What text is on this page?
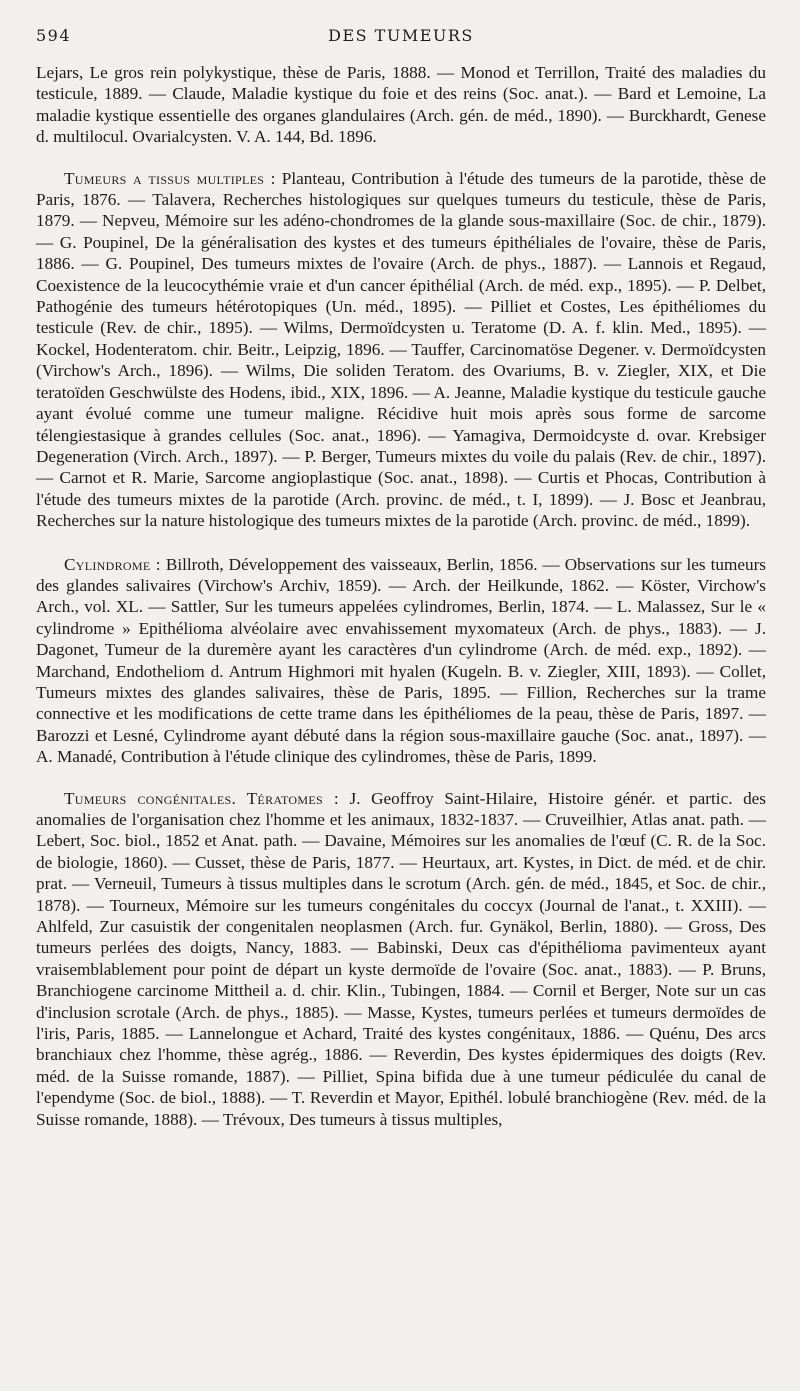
594	DES TUMEURS

Lejars, Le gros rein polykystique, thèse de Paris, 1888. — Monod et Terrillon, Traité des maladies du testicule, 1889. — Claude, Maladie kystique du foie et des reins (Soc. anat.). — Bard et Lemoine, La maladie kystique essentielle des organes glandulaires (Arch. gén. de méd., 1890). — Burckhardt, Genese d. multilocul. Ovarialcysten. V. A. 144, Bd. 1896.

Tumeurs a tissus multiples : Planteau, Contribution à l'étude des tumeurs de la parotide, thèse de Paris, 1876. — Talavera, Recherches histologiques sur quelques tumeurs du testicule, thèse de Paris, 1879. — Nepveu, Mémoire sur les adéno-chondromes de la glande sous-maxillaire (Soc. de chir., 1879). — G. Poupinel, De la généralisation des kystes et des tumeurs épithéliales de l'ovaire, thèse de Paris, 1886. — G. Poupinel, Des tumeurs mixtes de l'ovaire (Arch. de phys., 1887). — Lannois et Regaud, Coexistence de la leucocythémie vraie et d'un cancer épithélial (Arch. de méd. exp., 1895). — P. Delbet, Pathogénie des tumeurs hétérotopiques (Un. méd., 1895). — Pilliet et Costes, Les épithéliomes du testicule (Rev. de chir., 1895). — Wilms, Dermoïdcysten u. Teratome (D. A. f. klin. Med., 1895). — Kockel, Hodenteratom. chir. Beitr., Leipzig, 1896. — Tauffer, Carcinomatöse Degener. v. Dermoïdcysten (Virchow's Arch., 1896). — Wilms, Die soliden Teratom. des Ovariums, B. v. Ziegler, XIX, et Die teratoïden Geschwülste des Hodens, ibid., XIX, 1896. — A. Jeanne, Maladie kystique du testicule gauche ayant évolué comme une tumeur maligne. Récidive huit mois après sous forme de sarcome télengiestasique à grandes cellules (Soc. anat., 1896). — Yamagiva, Dermoidcyste d. ovar. Krebsiger Degeneration (Virch. Arch., 1897). — P. Berger, Tumeurs mixtes du voile du palais (Rev. de chir., 1897). — Carnot et R. Marie, Sarcome angioplastique (Soc. anat., 1898). — Curtis et Phocas, Contribution à l'étude des tumeurs mixtes de la parotide (Arch. provinc. de méd., t. I, 1899). — J. Bosc et Jeanbrau, Recherches sur la nature histologique des tumeurs mixtes de la parotide (Arch. provinc. de méd., 1899).

Cylindrome : Billroth, Développement des vaisseaux, Berlin, 1856. — Observations sur les tumeurs des glandes salivaires (Virchow's Archiv, 1859). — Arch. der Heilkunde, 1862. — Köster, Virchow's Arch., vol. XL. — Sattler, Sur les tumeurs appelées cylindromes, Berlin, 1874. — L. Malassez, Sur le « cylindrome » Epithélioma alvéolaire avec envahissement myxomateux (Arch. de phys., 1883). — J. Dagonet, Tumeur de la duremère ayant les caractères d'un cylindrome (Arch. de méd. exp., 1892). — Marchand, Endotheliom d. Antrum Highmori mit hyalen (Kugeln. B. v. Ziegler, XIII, 1893). — Collet, Tumeurs mixtes des glandes salivaires, thèse de Paris, 1895. — Fillion, Recherches sur la trame connective et les modifications de cette trame dans les épithéliomes de la peau, thèse de Paris, 1897. — Barozzi et Lesné, Cylindrome ayant débuté dans la région sous-maxillaire gauche (Soc. anat., 1897). — A. Manadé, Contribution à l'étude clinique des cylindromes, thèse de Paris, 1899.

Tumeurs congénitales. Tératomes : J. Geoffroy Saint-Hilaire, Histoire génér. et partic. des anomalies de l'organisation chez l'homme et les animaux, 1832-1837. — Cruveilhier, Atlas anat. path. — Lebert, Soc. biol., 1852 et Anat. path. — Davaine, Mémoires sur les anomalies de l'œuf (C. R. de la Soc. de biologie, 1860). — Cusset, thèse de Paris, 1877. — Heurtaux, art. Kystes, in Dict. de méd. et de chir. prat. — Verneuil, Tumeurs à tissus multiples dans le scrotum (Arch. gén. de méd., 1845, et Soc. de chir., 1878). — Tourneux, Mémoire sur les tumeurs congénitales du coccyx (Journal de l'anat., t. XXIII). — Ahlfeld, Zur casuistik der congenitalen neoplasmen (Arch. fur. Gynäkol, Berlin, 1880). — Gross, Des tumeurs perlées des doigts, Nancy, 1883. — Babinski, Deux cas d'épithélioma pavimenteux ayant vraisemblablement pour point de départ un kyste dermoïde de l'ovaire (Soc. anat., 1883). — P. Bruns, Branchiogene carcinome Mittheil a. d. chir. Klin., Tubingen, 1884. — Cornil et Berger, Note sur un cas d'inclusion scrotale (Arch. de phys., 1885). — Masse, Kystes, tumeurs perlées et tumeurs dermoïdes de l'iris, Paris, 1885. — Lannelongue et Achard, Traité des kystes congénitaux, 1886. — Quénu, Des arcs branchiaux chez l'homme, thèse agrég., 1886. — Reverdin, Des kystes épidermiques des doigts (Rev. méd. de la Suisse romande, 1887). — Pilliet, Spina bifida due à une tumeur pédiculée du canal de l'ependyme (Soc. de biol., 1888). — T. Reverdin et Mayor, Epithél. lobulé branchiogène (Rev. méd. de la Suisse romande, 1888). — Trévoux, Des tumeurs à tissus multiples,
